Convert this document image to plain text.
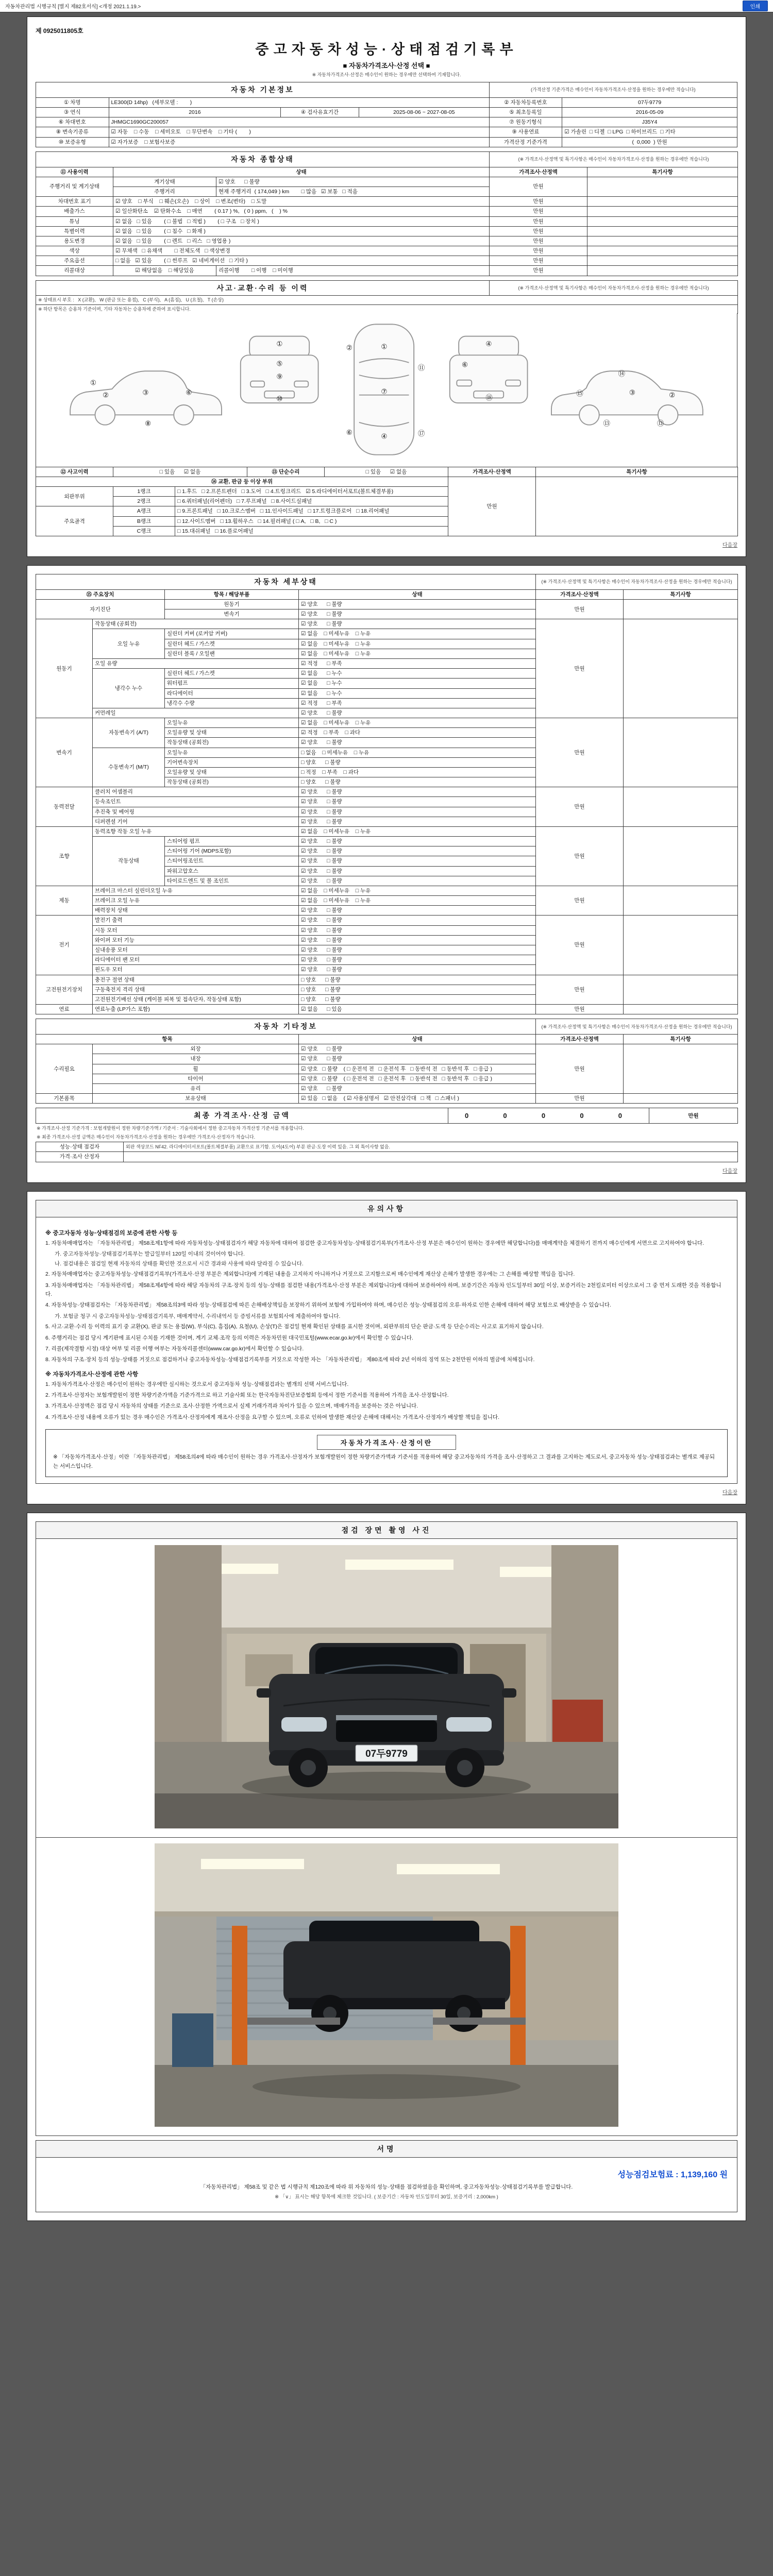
자동차관리법 시행규칙 [별지 제82호서식] <개정 2021.1.19.>	인쇄
제 0925011805호
중고자동차성능·상태점검기록부
■ 자동차가격조사·산정 선택 ■
※ 자동차가격조사·산정은 매수인이 원하는 경우에만 선택하여 기재합니다.
자동차 기본정보				(가격산정 기준가격은 매수인이 자동차가격조사·산정을 원하는 경우에만 적습니다)	
① 차명	LE300(D 14hp)   (세부모델 :        )			② 자동차등록번호	07두9779
③ 연식	2016	④ 검사유효기간	2025-08-06 ~ 2027-08-05	⑤ 최초등록일	2016-05-09
⑥ 차대번호	JHMGC1690GC200057			⑦ 원동기형식	J35Y4
⑧ 변속기종류	☑ 자동    □ 수동    □ 세미오토    □ 무단변속    □ 기타 (        )			⑨ 사용연료	☑ 가솔린  □ 디젤  □ LPG  □ 하이브리드  □ 기타
⑩ 보증유형	☑ 자가보증    □ 보험사보증			가격산정 기준가격	(  0,000  ) 만원
자동차 종합상태			(※ 가격조사·산정액 및 특기사항은 매수인이 자동차가격조사·산정을 원하는 경우에만 적습니다)	
⑪ 사용이력	상태		가격조사·산정액	특기사항
주행거리 및 계기상태	계기상태	☑ 양호      □ 불량	만원	
	주행거리	현재 주행거리  ( 174,049 ) km        □ 많음   ☑ 보통   □ 적음		
차대번호 표기	☑ 양호    □ 부식    □ 훼손(오손)    □ 상이    □ 변조(변타)    □ 도말		만원	
배출가스	☑ 일산화탄소    ☑ 탄화수소    □ 매연        ( 0.17 ) %,   ( 0 ) ppm,   (    ) %		만원	
튜닝	☑ 없음   □ 있음        ( □ 불법   □ 적법 )        ( □ 구조   □ 장치 )		만원	
특별이력	☑ 없음   □ 있음        ( □ 침수   □ 화재 )		만원	
용도변경	☑ 없음   □ 있음        ( □ 렌트   □ 리스   □ 영업용 )		만원	
색상	☑ 무채색   □ 유채색        □ 전체도색   □ 색상변경		만원	
주요옵션	□ 없음   ☑ 있음        ( □ 썬루프   ☑ 네비게이션   □ 기타 )		만원	
리콜대상	☑ 해당없음    □ 해당있음	리콜이행        □ 이행    □ 미이행	만원	
사고·교환·수리 등 이력	(※ 가격조사·산정액 및 특기사항은 매수인이 자동차가격조사·산정을 원하는 경우에만 적습니다)
※ 상태표시 부호 :   X (교환),   W (판금 또는 용접),   C (부식),   A (흠집),   U (요철),   T (손상)
※ 하단 항목은 승용차 기준이며, 기타 자동차는 승용차에 준하여 표시합니다.
①
②	③	⑥
⑧
①
⑤
⑨
⑩
②	①
⑦
④
⑥
⑪
⑰
④
⑥
⑱
⑮
⑭
③	②
⑬	⑫
⑫ 사고이력	□ 있음      ☑ 없음	⑬ 단순수리	□ 있음      ☑ 없음	가격조사·산정액	특기사항
⑭ 교환, 판금 등 이상 부위			만원	
외판부위	1랭크	□ 1.후드   □ 2.프론트펜더   □ 3.도어   □ 4.트렁크리드   ☑ 5.라디에이터서포트(볼트체결부품)		
	2랭크	□ 6.쿼터패널(리어펜더)   □ 7.루프패널   □ 8.사이드실패널		
주요골격	A랭크	□ 9.프론트패널   □ 10.크로스멤버   □ 11.인사이드패널   □ 17.트렁크플로어   □ 18.리어패널		
	B랭크	□ 12.사이드멤버   □ 13.휠하우스   □ 14.필러패널 ( □ A,   □ B,   □ C )		
	C랭크	□ 15.대쉬패널   □ 16.플로어패널		
다음장
자동차 세부상태				(※ 가격조사·산정액 및 특기사항은 매수인이 자동차가격조사·산정을 원하는 경우에만 적습니다)	
⑮ 주요장치		항목 / 해당부품	상태	가격조사·산정액	특기사항
자기진단		원동기	☑ 양호      □ 불량	만원	
		변속기	☑ 양호      □ 불량		
원동기	작동상태 (공회전)		☑ 양호      □ 불량	만원	
	오일 누유	실린더 커버 (로커암 커버)	☑ 없음    □ 미세누유    □ 누유		
		실린더 헤드 / 가스켓	☑ 없음    □ 미세누유    □ 누유		
		실린더 블록 / 오일팬	☑ 없음    □ 미세누유    □ 누유		
	오일 유량		☑ 적정      □ 부족		
	냉각수 누수	실린더 헤드 / 가스켓	☑ 없음      □ 누수		
		워터펌프	☑ 없음      □ 누수		
		라디에이터	☑ 없음      □ 누수		
		냉각수 수량	☑ 적정      □ 부족		
	커먼레일		☑ 양호      □ 불량		
변속기	자동변속기 (A/T)	오일누유	☑ 없음    □ 미세누유    □ 누유	만원	
		오일유량 및 상태	☑ 적정    □ 부족    □ 과다		
		작동상태 (공회전)	☑ 양호      □ 불량		
	수동변속기 (M/T)	오일누유	□ 없음    □ 미세누유    □ 누유		
		기어변속장치	□ 양호      □ 불량		
		오일유량 및 상태	□ 적정    □ 부족    □ 과다		
		작동상태 (공회전)	□ 양호      □ 불량		
동력전달	클러치 어셈블리		☑ 양호      □ 불량	만원	
	등속조인트		☑ 양호      □ 불량		
	추진축 및 베어링		☑ 양호      □ 불량		
	디퍼렌셜 기어		☑ 양호      □ 불량		
조향	동력조향 작동 오일 누유		☑ 없음    □ 미세누유    □ 누유	만원	
	작동상태	스티어링 펌프	☑ 양호      □ 불량		
		스티어링 기어 (MDPS포함)	☑ 양호      □ 불량		
		스티어링조인트	☑ 양호      □ 불량		
		파워고압호스	☑ 양호      □ 불량		
		타이로드엔드 및 볼 조인트	☑ 양호      □ 불량		
제동	브레이크 마스터 실린더오일 누유		☑ 없음    □ 미세누유    □ 누유	만원	
	브레이크 오일 누유		☑ 없음    □ 미세누유    □ 누유		
	배력장치 상태		☑ 양호      □ 불량		
전기	발전기 출력		☑ 양호      □ 불량	만원	
	시동 모터		☑ 양호      □ 불량		
	와이퍼 모터 기능		☑ 양호      □ 불량		
	실내송풍 모터		☑ 양호      □ 불량		
	라디에이터 팬 모터		☑ 양호      □ 불량		
	윈도우 모터		☑ 양호      □ 불량		
고전원전기장치	충전구 절연 상태		□ 양호      □ 불량	만원	
	구동축전지 격리 상태		□ 양호      □ 불량		
	고전원전기배선 상태 (케이블 피복 및 접속단자, 작동상태 포함)		□ 양호      □ 불량		
연료	연료누출 (LP가스 포함)		☑ 없음      □ 있음	만원	
자동차 기타정보			(※ 가격조사·산정액 및 특기사항은 매수인이 자동차가격조사·산정을 원하는 경우에만 적습니다)	
항목		상태	가격조사·산정액	특기사항
수리필요	외장	☑ 양호      □ 불량	만원	
	내장	☑ 양호      □ 불량		
	휠	☑ 양호   □ 불량    ( □ 운전석 전   □ 운전석 후   □ 동반석 전   □ 동반석 후   □ 응급 )		
	타이어	☑ 양호   □ 불량    ( □ 운전석 전   □ 운전석 후   □ 동반석 전   □ 동반석 후   □ 응급 )		
	유리	☑ 양호      □ 불량		
기본품목	보유상태	☑ 있음   □ 없음    ( ☑ 사용설명서   ☑ 안전삼각대   □ 잭   □ 스패너 )	만원	
최종 가격조사·산정 금액	0  0  0  0  0	만원
※ 가격조사·산정 기준가격 : 보험개발원이 정한 차량기준가액 / 기준서 : 기술사회에서 정한 중고자동차 가격산정 기준서를 적용합니다.
※ 최종 가격조사·산정 금액은 매수인이 자동차가격조사·산정을 원하는 경우에만 가격조사·산정자가 적습니다.
성능·상태 점검자	외판 색상코드 NF42. 라디에이터서포트(볼트체결부품) 교환으로 표기함. 도어(4도어) 부분 판금·도장 이력 있음. 그 외 특이사항 없음.
가격·조사 산정자	
다음장
유의사항
※ 중고자동차 성능·상태점검의 보증에 관한 사항 등
1. 자동차매매업자는 「자동차관리법」 제58조제1항에 따라 자동차성능·상태점검자가 해당 자동차에 대하여 점검한 중고자동차성능·상태점검기록부(가격조사·산정 부분은 매수인이 원하는 경우에만 해당합니다)를 매매계약을 체결하기 전까지 매수인에게 서면으로 고지하여야 합니다.
가. 중고자동차성능·상태점검기록부는 발급일부터 120일 이내의 것이어야 합니다.
나. 점검내용은 점검일 현재 자동차의 상태를 확인한 것으로서 시간 경과와 사용에 따라 달라질 수 있습니다.
2. 자동차매매업자는 중고자동차성능·상태점검기록부(가격조사·산정 부분은 제외합니다)에 기재된 내용을 고지하지 아니하거나 거짓으로 고지함으로써 매수인에게 재산상 손해가 발생한 경우에는 그 손해를 배상할 책임을 집니다.
3. 자동차매매업자는 「자동차관리법」 제58조제4항에 따라 해당 자동차의 구조·장치 등의 성능·상태를 점검한 내용(가격조사·산정 부분은 제외합니다)에 대하여 보증하여야 하며, 보증기간은 자동차 인도일부터 30일 이상, 보증거리는 2천킬로미터 이상으로서 그 중 먼저 도래한 것을 적용합니다.
4. 자동차성능·상태점검자는 「자동차관리법」 제58조의3에 따라 성능·상태점검에 따른 손해배상책임을 보장하기 위하여 보험에 가입하여야 하며, 매수인은 성능·상태점검의 오류·하자로 인한 손해에 대하여 해당 보험으로 배상받을 수 있습니다.
가. 보험금 청구 시 중고자동차성능·상태점검기록부, 매매계약서, 수리내역서 등 증빙서류를 보험회사에 제출하여야 합니다.
5. 사고·교환·수리 등 이력의 표기 중 교환(X), 판금 또는 용접(W), 부식(C), 흠집(A), 요철(U), 손상(T)은 점검일 현재 확인된 상태를 표시한 것이며, 외판부위의 단순 판금·도색 등 단순수리는 사고로 표기하지 않습니다.
6. 주행거리는 점검 당시 계기판에 표시된 수치를 기재한 것이며, 계기 교체·조작 등의 이력은 자동차민원 대국민포털(www.ecar.go.kr)에서 확인할 수 있습니다.
7. 리콜(제작결함 시정) 대상 여부 및 리콜 이행 여부는 자동차리콜센터(www.car.go.kr)에서 확인할 수 있습니다.
8. 자동차의 구조·장치 등의 성능·상태를 거짓으로 점검하거나 중고자동차성능·상태점검기록부를 거짓으로 작성한 자는 「자동차관리법」 제80조에 따라 2년 이하의 징역 또는 2천만원 이하의 벌금에 처해집니다.
※ 자동차가격조사·산정에 관한 사항
1. 자동차가격조사·산정은 매수인이 원하는 경우에만 실시하는 것으로서 중고자동차 성능·상태점검과는 별개의 선택 서비스입니다.
2. 가격조사·산정자는 보험개발원이 정한 차량기준가액을 기준가격으로 하고 기술사회 또는 한국자동차진단보증협회 등에서 정한 기준서를 적용하여 가격을 조사·산정합니다.
3. 가격조사·산정액은 점검 당시 자동차의 상태를 기준으로 조사·산정한 가액으로서 실제 거래가격과 차이가 있을 수 있으며, 매매가격을 보증하는 것은 아닙니다.
4. 가격조사·산정 내용에 오류가 있는 경우 매수인은 가격조사·산정자에게 재조사·산정을 요구할 수 있으며, 오류로 인하여 발생한 재산상 손해에 대해서는 가격조사·산정자가 배상할 책임을 집니다.
자동차가격조사·산정이란
※ 「자동차가격조사·산정」이란 「자동차관리법」 제58조의4에 따라 매수인이 원하는 경우 가격조사·산정자가 보험개발원이 정한 차량기준가액과 기준서를 적용하여 해당 중고자동차의 가격을 조사·산정하고 그 결과를 고지하는 제도로서, 중고자동차 성능·상태점검과는 별개로 제공되는 서비스입니다.
다음장
점검 장면 촬영 사진
07두9779
서명
성능점검보험료 : 1,139,160 원
「자동차관리법」 제58조 및 같은 법 시행규칙 제120조에 따라 위 자동차의 성능·상태를 점검하였음을 확인하며, 중고자동차성능·상태점검기록부를 발급합니다.
※ 「∨」 표시는 해당 항목에 체크한 것입니다. ( 보증기간 : 자동차 인도일부터 30일, 보증거리 : 2,000km )
